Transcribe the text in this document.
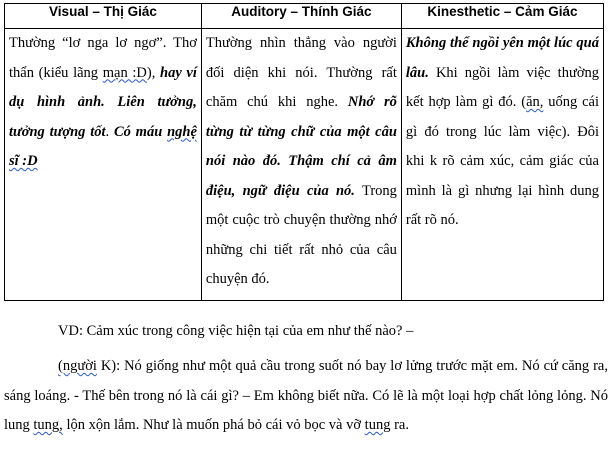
Visual – Thị Giác	Auditory – Thính Giác	Kinesthetic – Cảm Giác
Thường “lơ nga lơ ngơ”. Thơ thẩn (kiểu lãng mạn :D), hay ví dụ hình ảnh. Liên tưởng, tưởng tượng tốt. Có máu nghệ sĩ :D	Thường nhìn thẳng vào người đối diện khi nói. Thường rất chăm chú khi nghe. Nhớ rõ từng từ từng chữ của một câu nói nào đó. Thậm chí cả âm điệu, ngữ điệu của nó. Trong một cuộc trò chuyện thường nhớ những chi tiết rất nhỏ của câu chuyện đó.	Không thể ngồi yên một lúc quá lâu. Khi ngồi làm việc thường kết hợp làm gì đó. (ăn, uống cái gì đó trong lúc làm việc). Đôi khi k rõ cảm xúc, cảm giác của mình là gì nhưng lại hình dung rất rõ nó.

VD: Cảm xúc trong công việc hiện tại của em như thế nào? –

(người K): Nó giống như một quả cầu trong suốt nó bay lơ lửng trước mặt em. Nó cứ căng ra, sáng loáng. - Thế bên trong nó là cái gì? – Em không biết nữa. Có lẽ là một loại hợp chất lỏng lỏng. Nó lung tung, lộn xộn lắm. Như là muốn phá bỏ cái vỏ bọc và vỡ tung ra.
